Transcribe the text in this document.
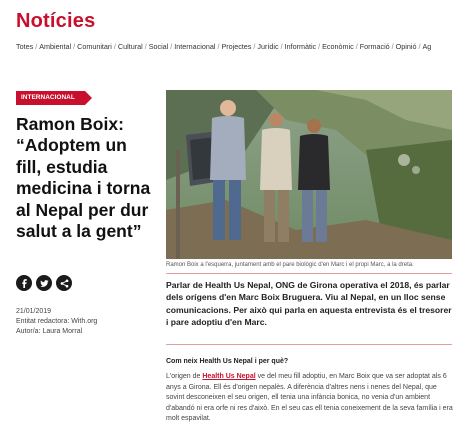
Notícies
Totes / Ambiental / Comunitari / Cultural / Social / Internacional / Projectes / Jurídic / Informàtic / Econòmic / Formació / Opinió / Ag
INTERNACIONAL
Ramon Boix: “Adoptem un fill, estudia medicina i torna al Nepal per dur salut a la gent”
21/01/2019
Entitat redactora: With.org
Autor/a: Laura Morral
Ramon Boix a l'esquerra, juntament amb el pare biològic d'en Marc i el propi Marc, a la dreta.

Parlar de Health Us Nepal, ONG de Girona operativa el 2018, és parlar dels orígens d'en Marc Boix Bruguera. Viu al Nepal, en un lloc sense comunicacions. Per això qui parla en aquesta entrevista és el tresorer i pare adoptiu d'en Marc.

Com neix Health Us Nepal i per què?

L'origen de Health Us Nepal ve del meu fill adoptiu, en Marc Boix que va ser adoptat als 6 anys a Girona. Ell és d'origen nepalès. A diferència d'altres nens i nenes del Nepal, que sovint desconeixen el seu origen, ell tenia una infància bonica, no venia d'un ambient d'abandó ni era orfe ni res d'això. En el seu cas ell tenia coneixement de la seva família i era molt espavilat.
